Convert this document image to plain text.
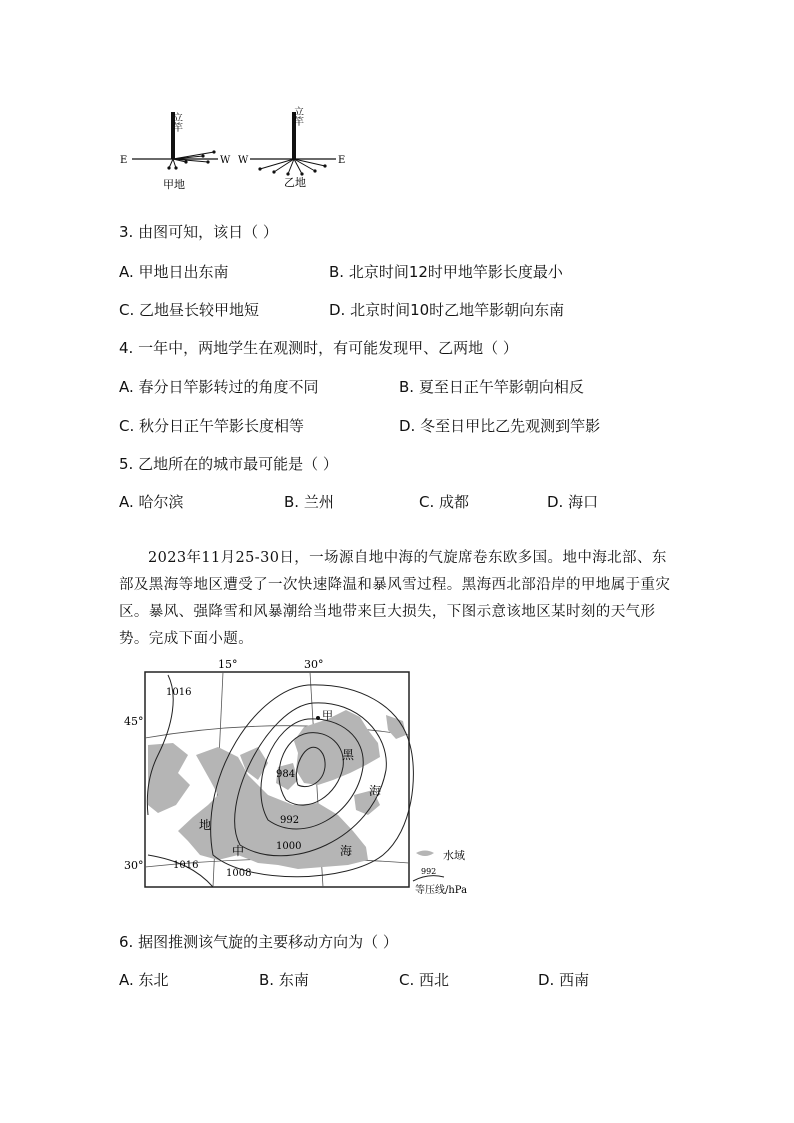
立竿
E	W
甲地
立竿
W	E
乙地
3. 由图可知，该日（ ）
A. 甲地日出东南	B. 北京时间12时甲地竿影长度最小
C. 乙地昼长较甲地短	D. 北京时间10时乙地竿影朝向东南
4. 一年中，两地学生在观测时，有可能发现甲、乙两地（ ）
A. 春分日竿影转过的角度不同	B. 夏至日正午竿影朝向相反
C. 秋分日正午竿影长度相等	D. 冬至日甲比乙先观测到竿影
5. 乙地所在的城市最可能是（ ）
A. 哈尔滨	B. 兰州	C. 成都	D. 海口

2023年11月25-30日，一场源自地中海的气旋席卷东欧多国。地中海北部、东部及黑海等地区遭受了一次快速降温和暴风雪过程。黑海西北部沿岸的甲地属于重灾区。暴风、强降雪和风暴潮给当地带来巨大损失，下图示意该地区某时刻的天气形势。完成下面小题。

15°	30°
45°
30°
1016
984
992
1000
1008
1016
甲
黑
海
地
中	海	水域
992
等压线/hPa
6. 据图推测该气旋的主要移动方向为（ ）
A. 东北	B. 东南	C. 西北	D. 西南
